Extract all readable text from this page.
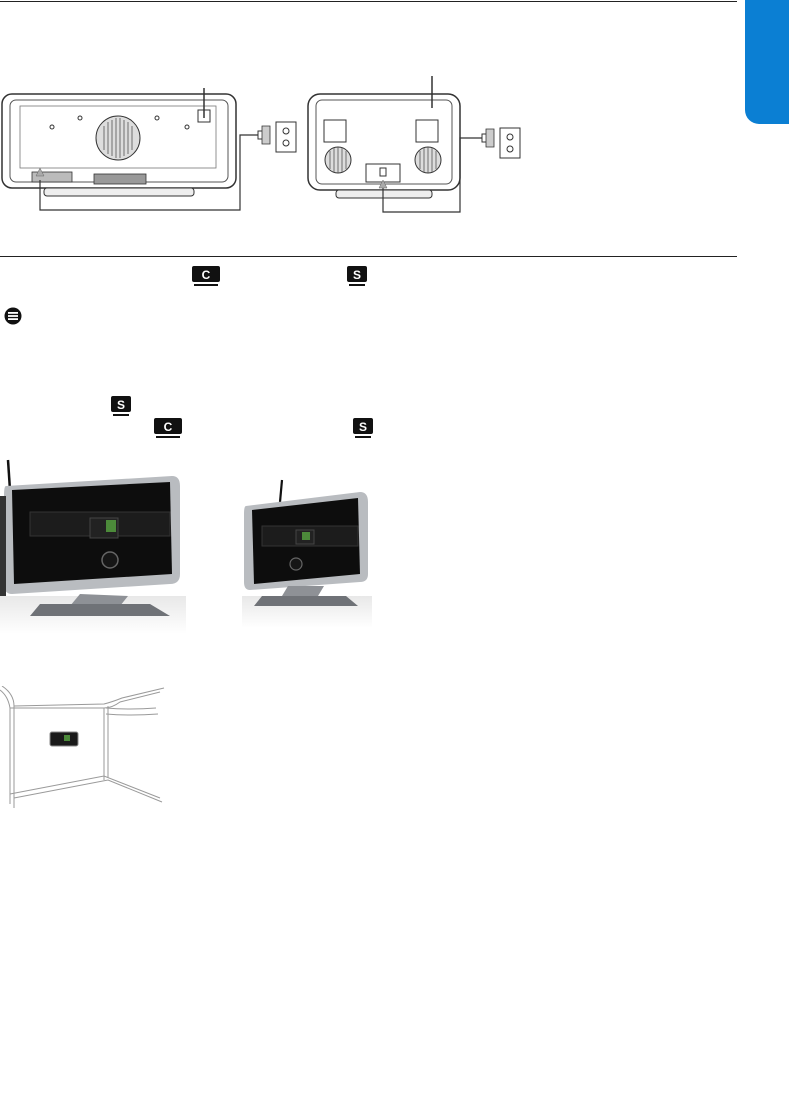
C	S
S
C	S
